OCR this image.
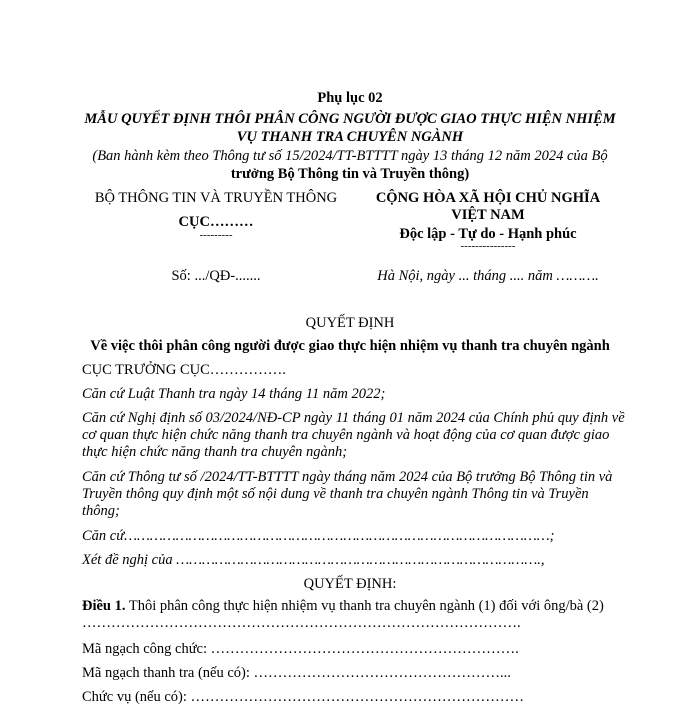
Phụ lục 02
MẪU QUYẾT ĐỊNH THÔI PHÂN CÔNG NGƯỜI ĐƯỢC GIAO THỰC HIỆN NHIỆM
VỤ THANH TRA CHUYÊN NGÀNH
(Ban hành kèm theo Thông tư số 15/2024/TT-BTTTT ngày 13 tháng 12 năm 2024 của Bộ
trưởng Bộ Thông tin và Truyền thông)
BỘ THÔNG TIN VÀ TRUYỀN THÔNG
CỤC………
---------
Số: .../QĐ-.......
CỘNG HÒA XÃ HỘI CHỦ NGHĨA
VIỆT NAM
Độc lập - Tự do - Hạnh phúc
---------------
Hà Nội, ngày ... tháng .... năm ……….
QUYẾT ĐỊNH
Về việc thôi phân công người được giao thực hiện nhiệm vụ thanh tra chuyên ngành
CỤC TRƯỞNG CỤC…………….
Căn cứ Luật Thanh tra ngày 14 tháng 11 năm 2022;
Căn cứ Nghị định số 03/2024/NĐ-CP ngày 11 tháng 01 năm 2024 của Chính phủ quy định về cơ quan thực hiện chức năng thanh tra chuyên ngành và hoạt động của cơ quan được giao thực hiện chức năng thanh tra chuyên ngành;
Căn cứ Thông tư số /2024/TT-BTTTT ngày tháng năm 2024 của Bộ trưởng Bộ Thông tin và Truyền thông quy định một số nội dung về thanh tra chuyên ngành Thông tin và Truyền thông;
Căn cứ………………………………………………………………………………………;
Xét đề nghị của ………………………………………………………………………….,
QUYẾT ĐỊNH:
Điều 1. Thôi phân công thực hiện nhiệm vụ thanh tra chuyên ngành (1) đối với ông/bà (2) ……………………………………………………………………………….
Mã ngạch công chức: ……………………………………………………….
Mã ngạch thanh tra (nếu có): ……………………………………………...
Chức vụ (nếu có): ……………………………………………………………
